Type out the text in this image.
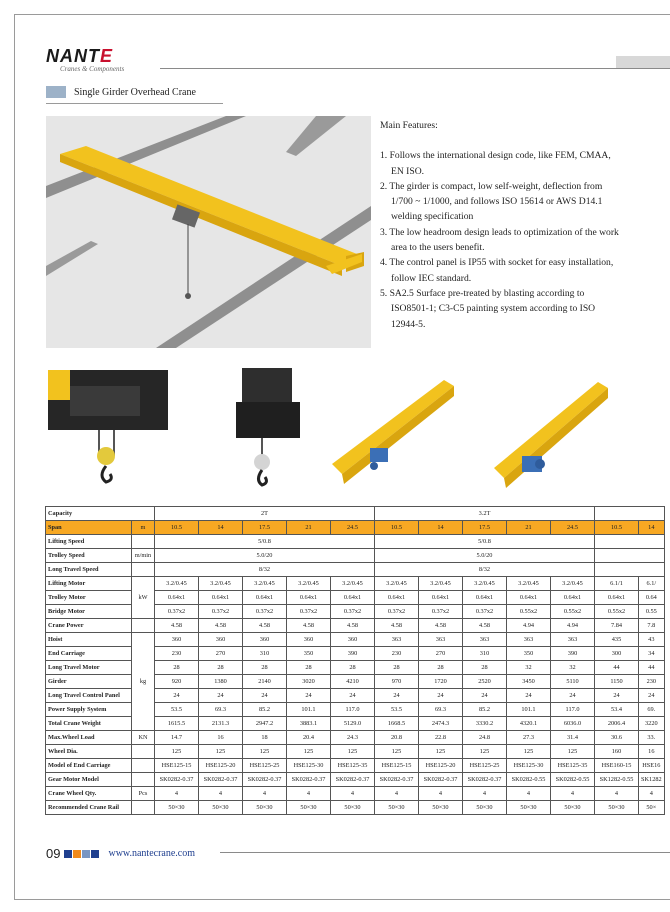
NANTE
Cranes & Components
Single Girder Overhead Crane
Main Features:
1. Follows the international design code, like FEM, CMAA, EN ISO.
2. The girder is compact, low self-weight, deflection from 1/700 ~ 1/1000, and follows ISO 15614 or AWS D14.1 welding specification
3. The low headroom design leads to optimization of the work area to the users benefit.
4. The control panel is IP55 with socket for easy installation, follow IEC standard.
5. SA2.5 Surface pre-treated by blasting according to ISO8501-1; C3-C5 painting system according to ISO 12944-5.
Capacity		2T					3.2T						
Span	m	10.5	14	17.5	21	24.5	10.5	14	17.5	21	24.5	10.5	14
Lifting Speed		5/0.8					5/0.8						
Trolley Speed	m/min	5.0/20					5.0/20						
Long Travel Speed		8/32					8/32						
Lifting Motor	kW	3.2/0.45	3.2/0.45	3.2/0.45	3.2/0.45	3.2/0.45	3.2/0.45	3.2/0.45	3.2/0.45	3.2/0.45	3.2/0.45	6.1/1	6.1/
Trolley Motor		0.64x1	0.64x1	0.64x1	0.64x1	0.64x1	0.64x1	0.64x1	0.64x1	0.64x1	0.64x1	0.64x1	0.64
Bridge Motor		0.37x2	0.37x2	0.37x2	0.37x2	0.37x2	0.37x2	0.37x2	0.37x2	0.55x2	0.55x2	0.55x2	0.55
Crane Power		4.58	4.58	4.58	4.58	4.58	4.58	4.58	4.58	4.94	4.94	7.84	7.8
Hoist	kg	360	360	360	360	360	363	363	363	363	363	435	43
End Carriage		230	270	310	350	390	230	270	310	350	390	300	34
Long Travel Motor		28	28	28	28	28	28	28	28	32	32	44	44
Girder		920	1380	2140	3020	4210	970	1720	2520	3450	5110	1150	230
Long Travel Control Panel		24	24	24	24	24	24	24	24	24	24	24	24
Power Supply System		53.5	69.3	85.2	101.1	117.0	53.5	69.3	85.2	101.1	117.0	53.4	69.
Total Crane Weight		1615.5	2131.3	2947.2	3883.1	5129.0	1668.5	2474.3	3330.2	4320.1	6036.0	2006.4	3220
Max.Wheel Load	KN	14.7	16	18	20.4	24.3	20.8	22.8	24.8	27.3	31.4	30.6	33.
Wheel Dia.		125	125	125	125	125	125	125	125	125	125	160	16
Model of End Carriage		HSE125-15	HSE125-20	HSE125-25	HSE125-30	HSE125-35	HSE125-15	HSE125-20	HSE125-25	HSE125-30	HSE125-35	HSE160-15	HSE16
Gear Motor Model		SK0282-0.37	SK0282-0.37	SK0282-0.37	SK0282-0.37	SK0282-0.37	SK0282-0.37	SK0282-0.37	SK0282-0.37	SK0282-0.55	SK0282-0.55	SK1282-0.55	SK1282
Crane Wheel Qty.	Pcs	4	4	4	4	4	4	4	4	4	4	4	4
Recommended Crane Rail		50×30	50×30	50×30	50×30	50×30	50×30	50×30	50×30	50×30	50×30	50×30	50×
09	www.nantecrane.com
